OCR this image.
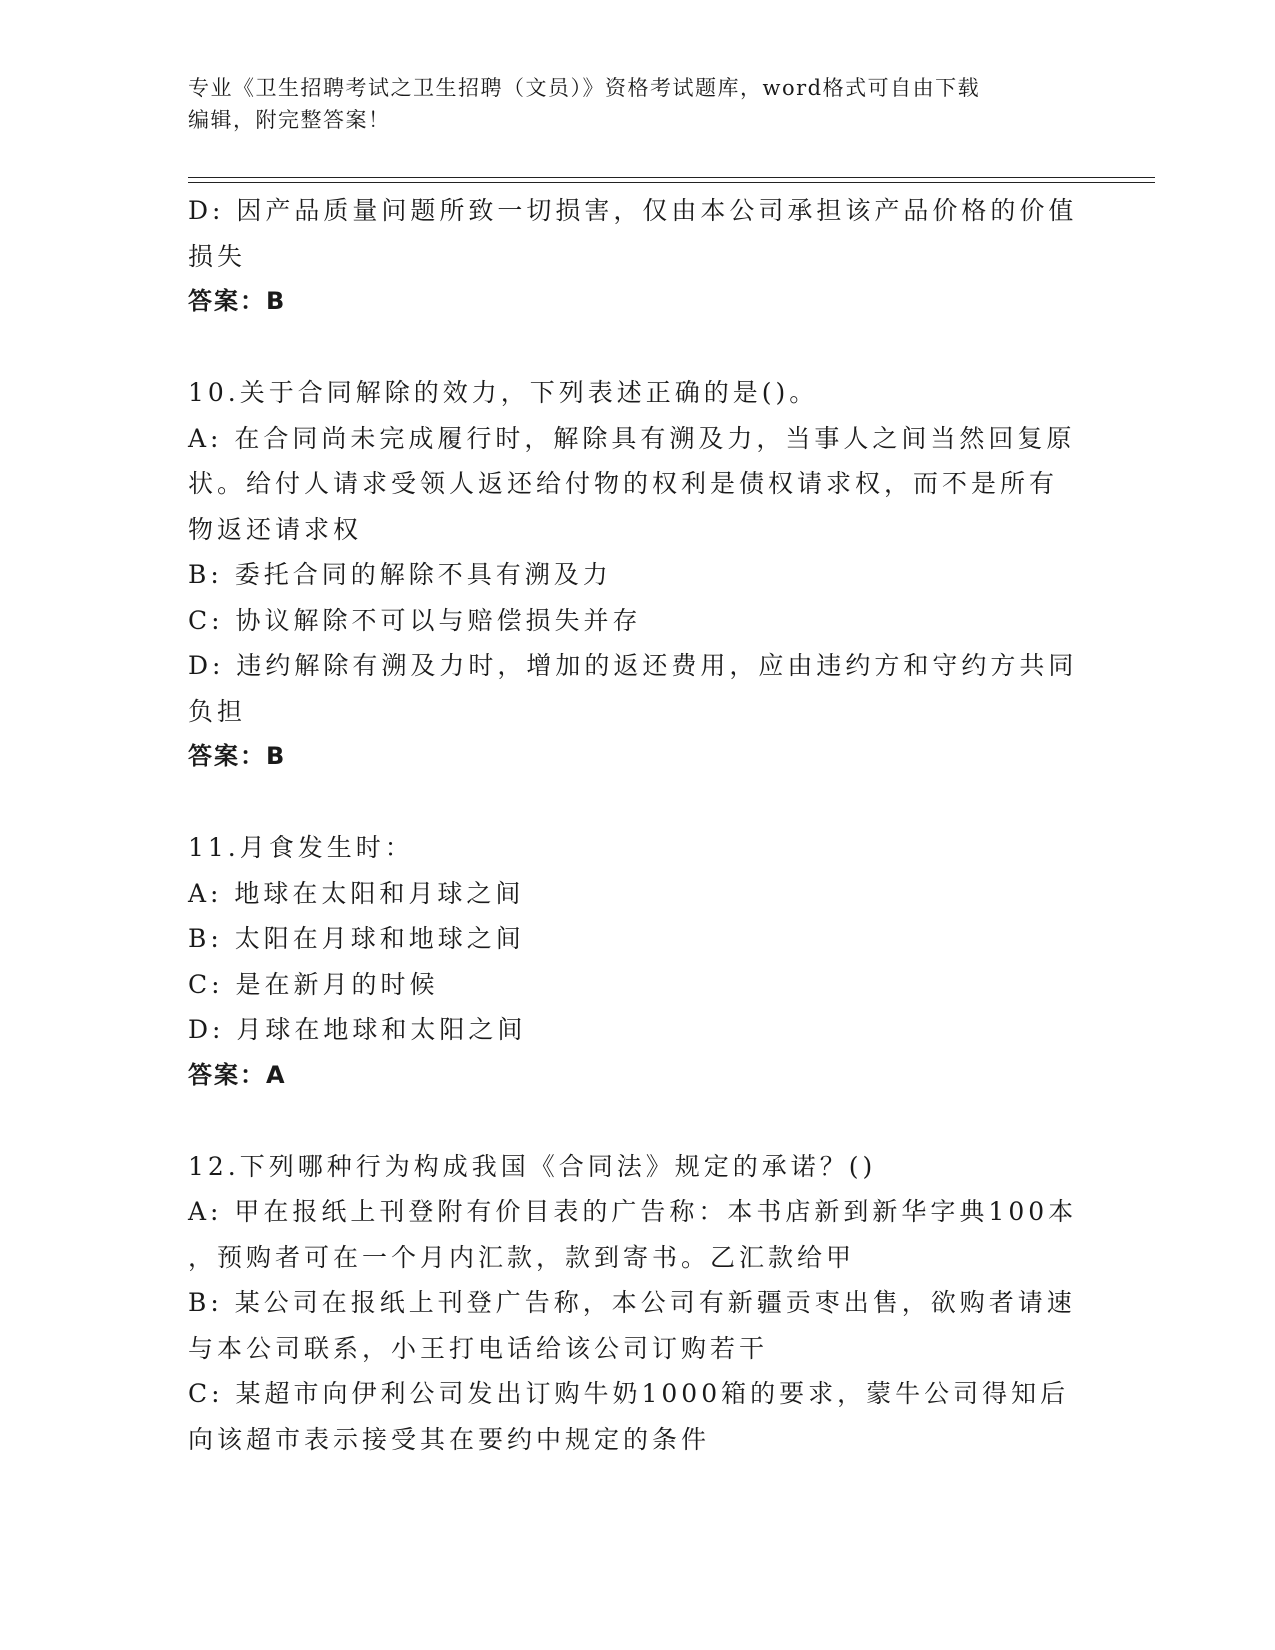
专业《卫生招聘考试之卫生招聘（文员）》资格考试题库，word格式可自由下载
编辑，附完整答案！
D: 因产品质量问题所致一切损害，仅由本公司承担该产品价格的价值
损失
答案：B
10.关于合同解除的效力，下列表述正确的是()。
A: 在合同尚未完成履行时，解除具有溯及力，当事人之间当然回复原
状。给付人请求受领人返还给付物的权利是债权请求权，而不是所有
物返还请求权
B: 委托合同的解除不具有溯及力
C: 协议解除不可以与赔偿损失并存
D: 违约解除有溯及力时，增加的返还费用，应由违约方和守约方共同
负担
答案：B
11.月食发生时：
A: 地球在太阳和月球之间
B: 太阳在月球和地球之间
C: 是在新月的时候
D: 月球在地球和太阳之间
答案：A
12.下列哪种行为构成我国《合同法》规定的承诺？()
A: 甲在报纸上刊登附有价目表的广告称：本书店新到新华字典100本
，预购者可在一个月内汇款，款到寄书。乙汇款给甲
B: 某公司在报纸上刊登广告称，本公司有新疆贡枣出售，欲购者请速
与本公司联系，小王打电话给该公司订购若干
C: 某超市向伊利公司发出订购牛奶1000箱的要求，蒙牛公司得知后
向该超市表示接受其在要约中规定的条件
